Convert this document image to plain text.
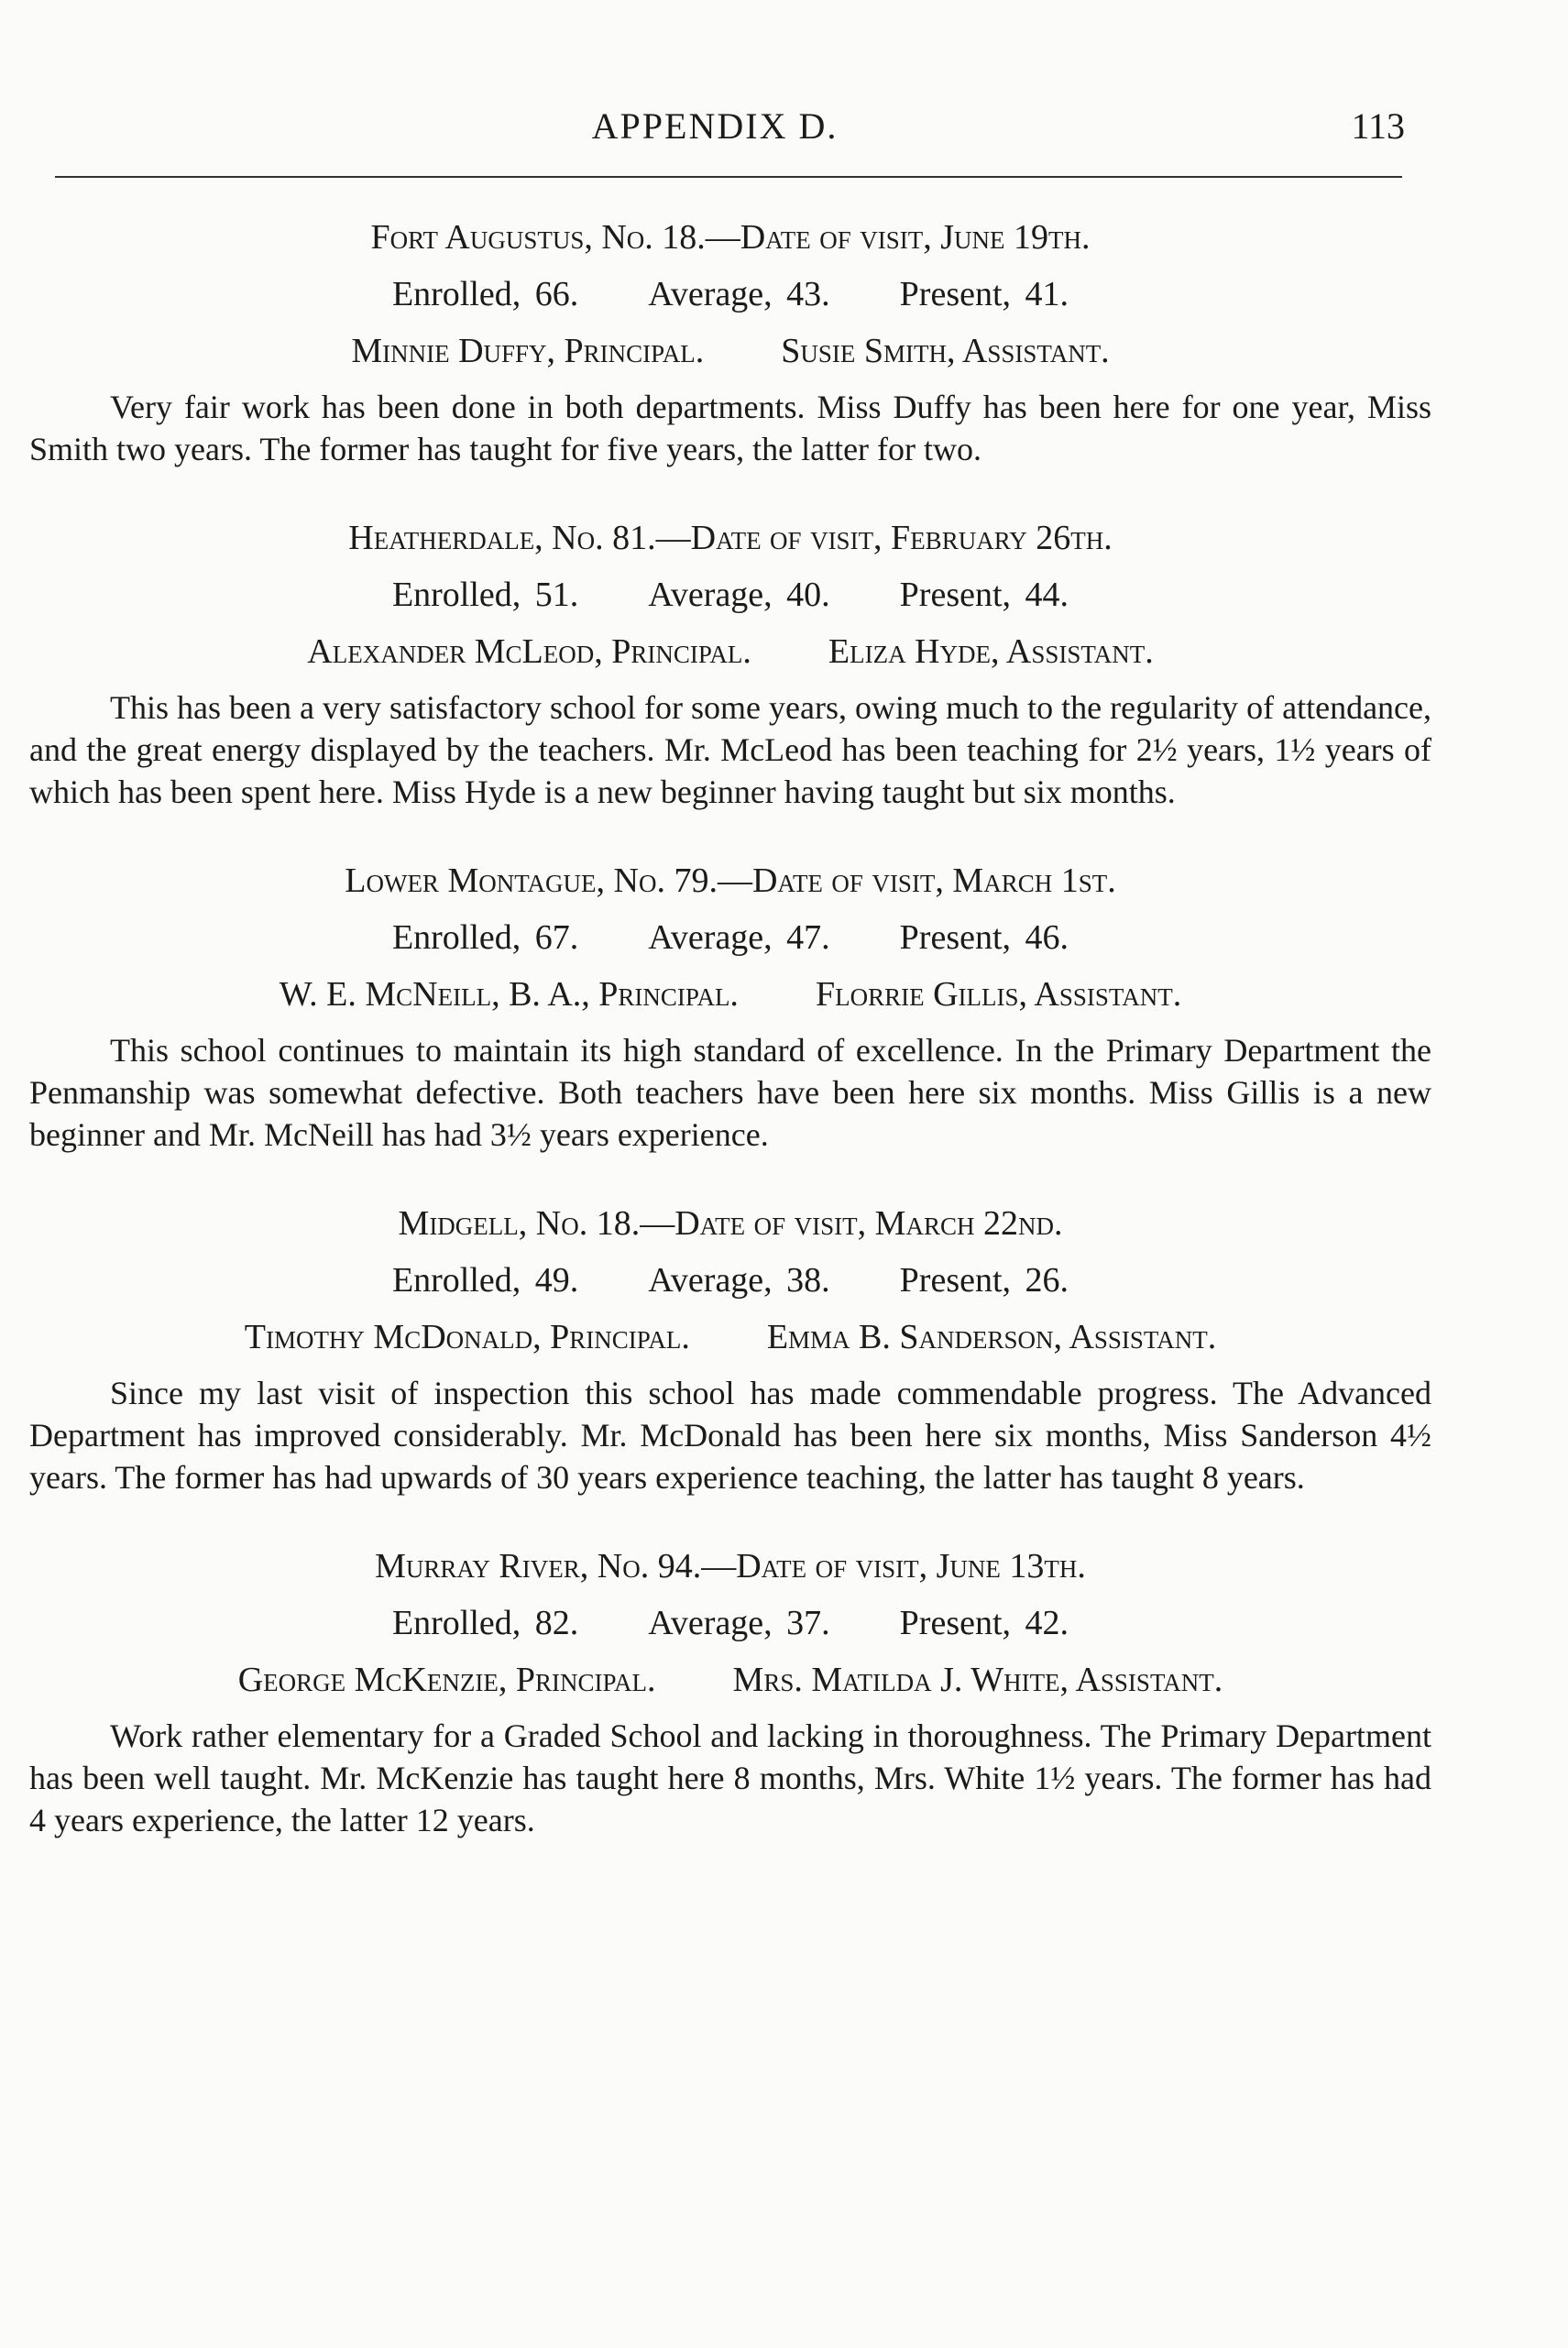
APPENDIX D.	113
Fort Augustus, No. 18.—Date of visit, June 19th.
Enrolled, 66. Average, 43. Present, 41.
Minnie Duffy, Principal. Susie Smith, Assistant.
Very fair work has been done in both departments. Miss Duffy has been here for one year, Miss Smith two years. The former has taught for five years, the latter for two.
Heatherdale, No. 81.—Date of visit, February 26th.
Enrolled, 51. Average, 40. Present, 44.
Alexander McLeod, Principal. Eliza Hyde, Assistant.
This has been a very satisfactory school for some years, owing much to the regularity of attendance, and the great energy displayed by the teachers. Mr. McLeod has been teaching for 2½ years, 1½ years of which has been spent here. Miss Hyde is a new beginner having taught but six months.
Lower Montague, No. 79.—Date of visit, March 1st.
Enrolled, 67. Average, 47. Present, 46.
W. E. McNeill, B. A., Principal. Florrie Gillis, Assistant.
This school continues to maintain its high standard of excellence. In the Primary Department the Penmanship was somewhat defective. Both teachers have been here six months. Miss Gillis is a new beginner and Mr. McNeill has had 3½ years experience.
Midgell, No. 18.—Date of visit, March 22nd.
Enrolled, 49. Average, 38. Present, 26.
Timothy McDonald, Principal. Emma B. Sanderson, Assistant.
Since my last visit of inspection this school has made commendable progress. The Advanced Department has improved considerably. Mr. McDonald has been here six months, Miss Sanderson 4½ years. The former has had upwards of 30 years experience teaching, the latter has taught 8 years.
Murray River, No. 94.—Date of visit, June 13th.
Enrolled, 82. Average, 37. Present, 42.
George McKenzie, Principal. Mrs. Matilda J. White, Assistant.
Work rather elementary for a Graded School and lacking in thoroughness. The Primary Department has been well taught. Mr. McKenzie has taught here 8 months, Mrs. White 1½ years. The former has had 4 years experience, the latter 12 years.
